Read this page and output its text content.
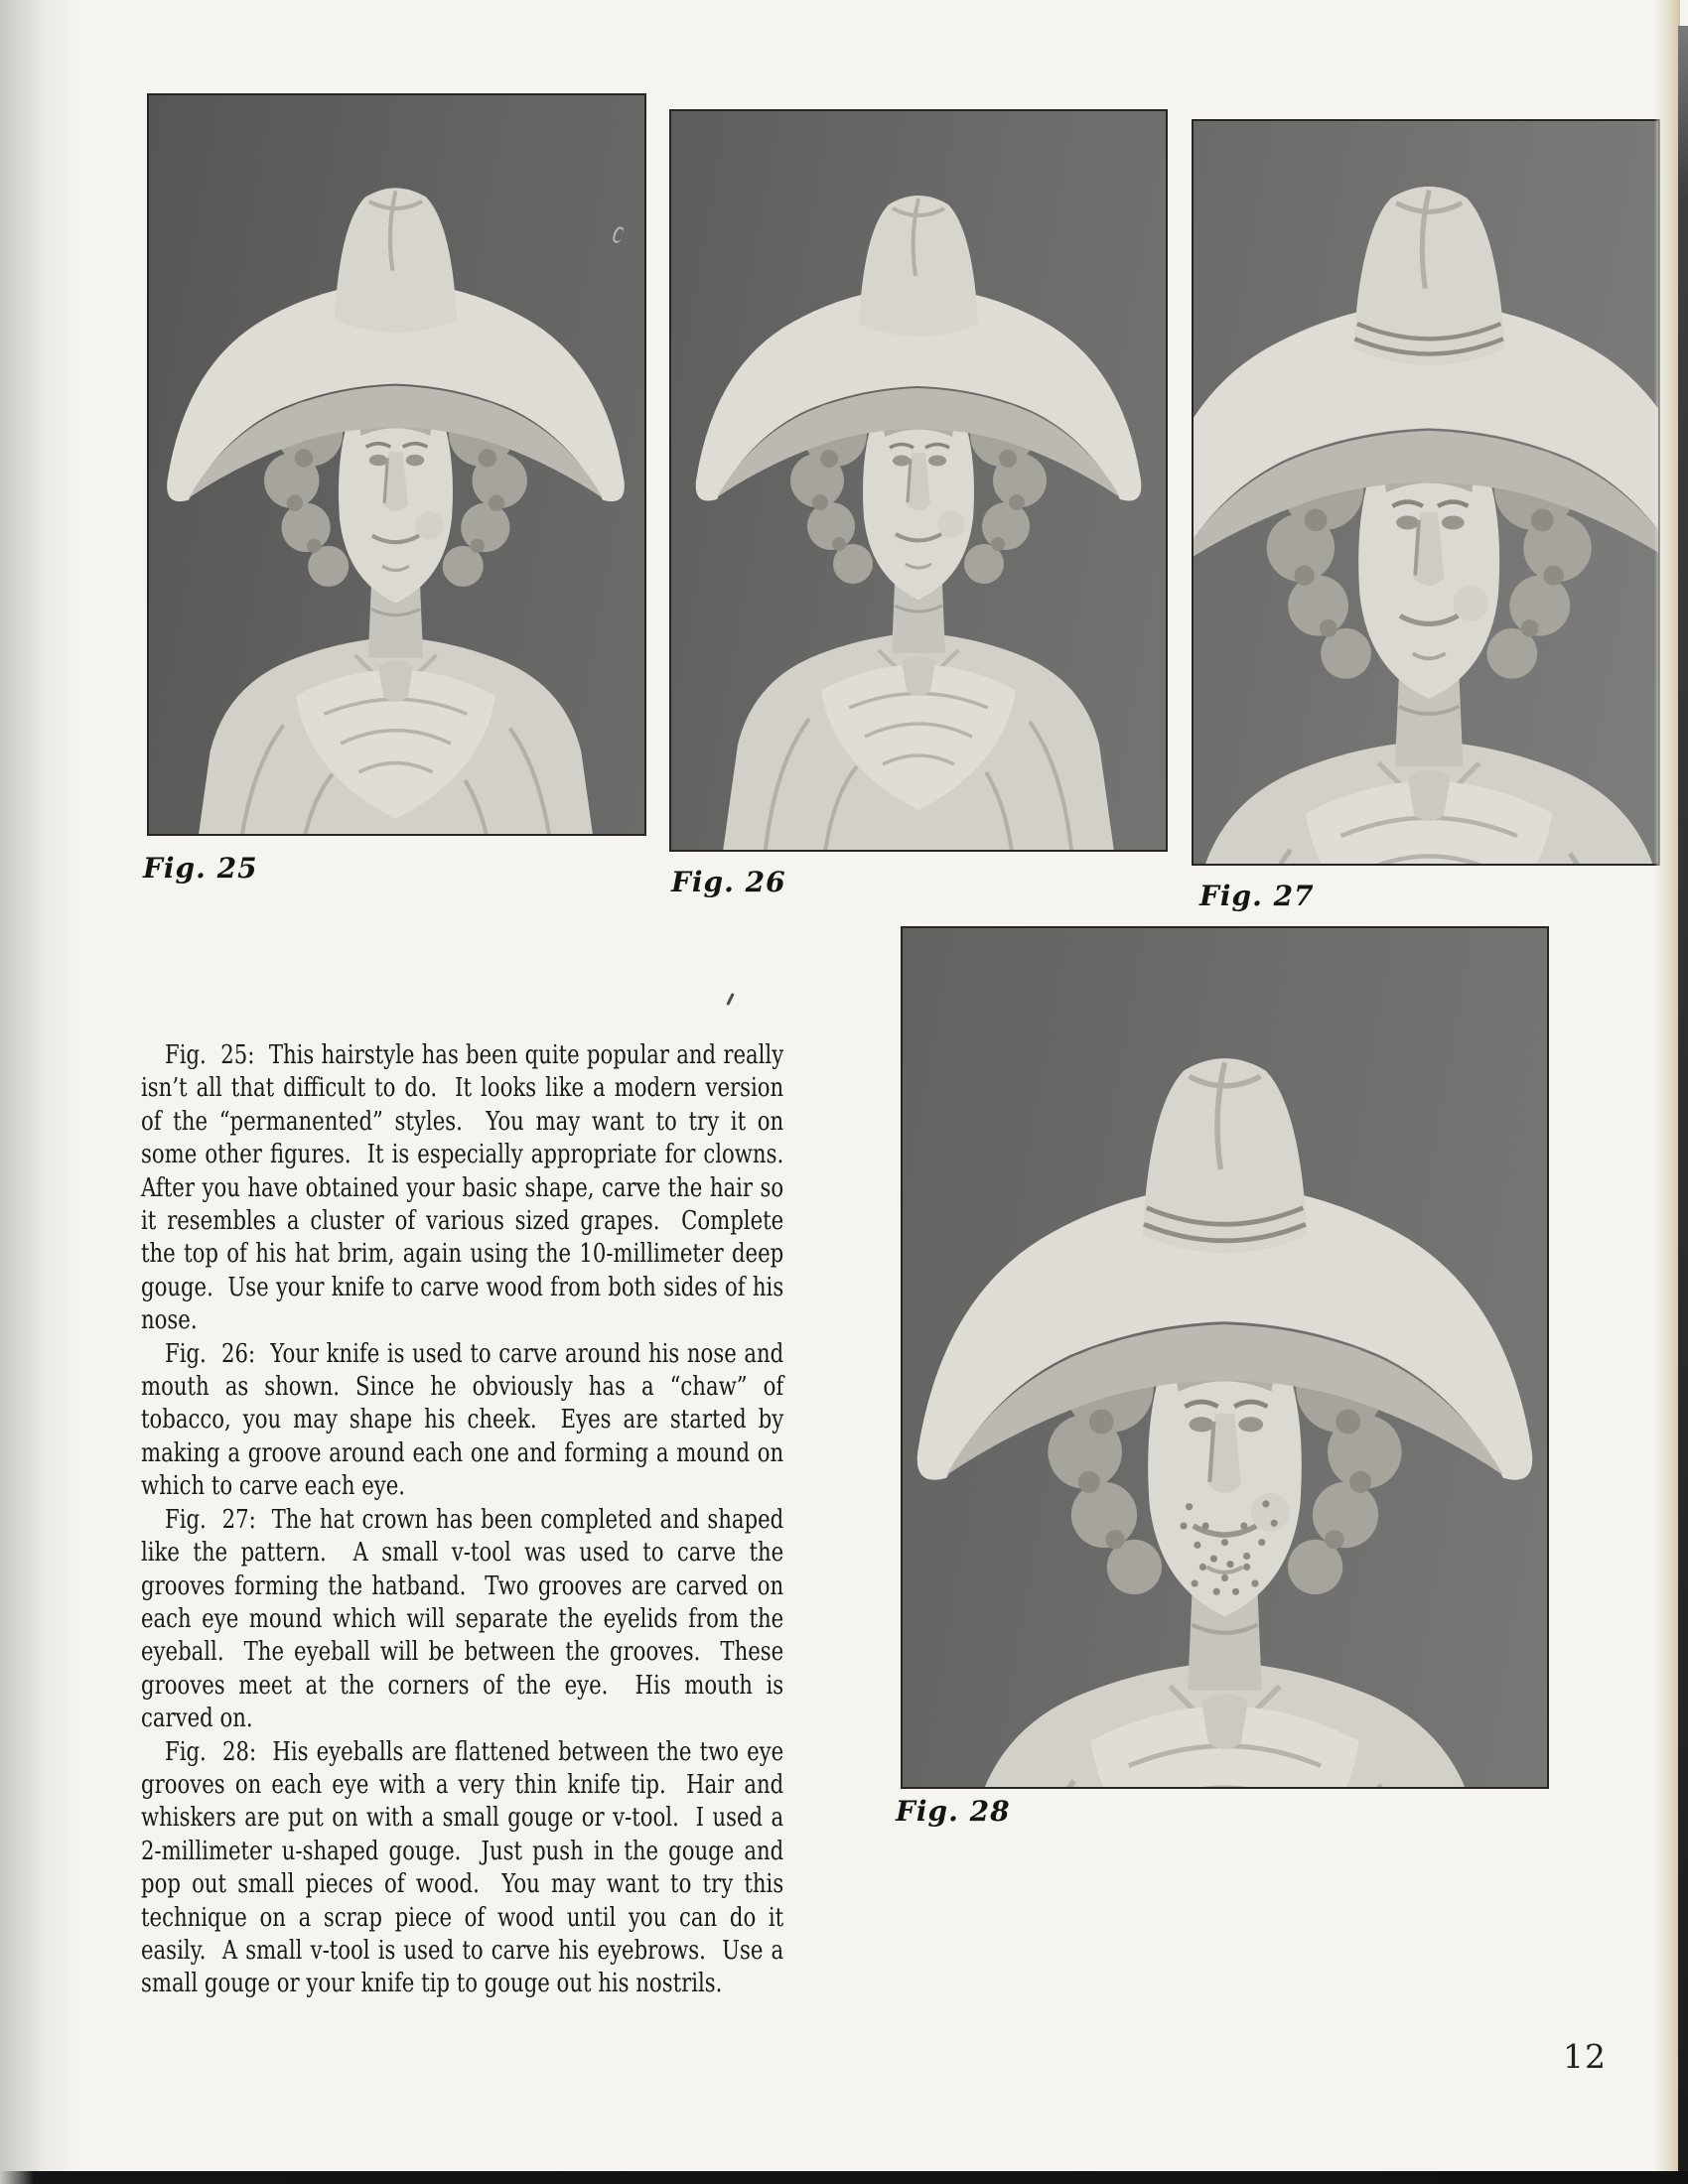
Fig. 25	Fig. 26	Fig. 27
Fig. 28

Fig.  25:  This hairstyle has been quite popular and really isn’t all that difficult to do.  It looks like a modern version of the “permanented” styles.  You may want to try it on some other figures.  It is especially appropriate for clowns.  After you have obtained your basic shape, carve the hair so it resembles a cluster of various sized grapes.  Complete the top of his hat brim, again using the 10-millimeter deep gouge.  Use your knife to carve wood from both sides of his nose.

Fig.  26:  Your knife is used to carve around his nose and mouth as shown. Since he obviously has a “chaw” of tobacco, you may shape his cheek.  Eyes are started by making a groove around each one and forming a mound on which to carve each eye.

Fig.  27:  The hat crown has been completed and shaped like the pattern.  A small v-tool was used to carve the grooves forming the hatband.  Two grooves are carved on each eye mound which will separate the eyelids from the eyeball.  The eyeball will be between the grooves.  These grooves meet at the corners of the eye.  His mouth is carved on.

Fig.  28:  His eyeballs are flattened between the two eye grooves on each eye with a very thin knife tip.  Hair and whiskers are put on with a small gouge or v-tool.  I used a 2-millimeter u-shaped gouge.  Just push in the gouge and pop out small pieces of wood.  You may want to try this technique on a scrap piece of wood until you can do it easily.  A small v-tool is used to carve his eyebrows.  Use a small gouge or your knife tip to gouge out his nostrils.

12
